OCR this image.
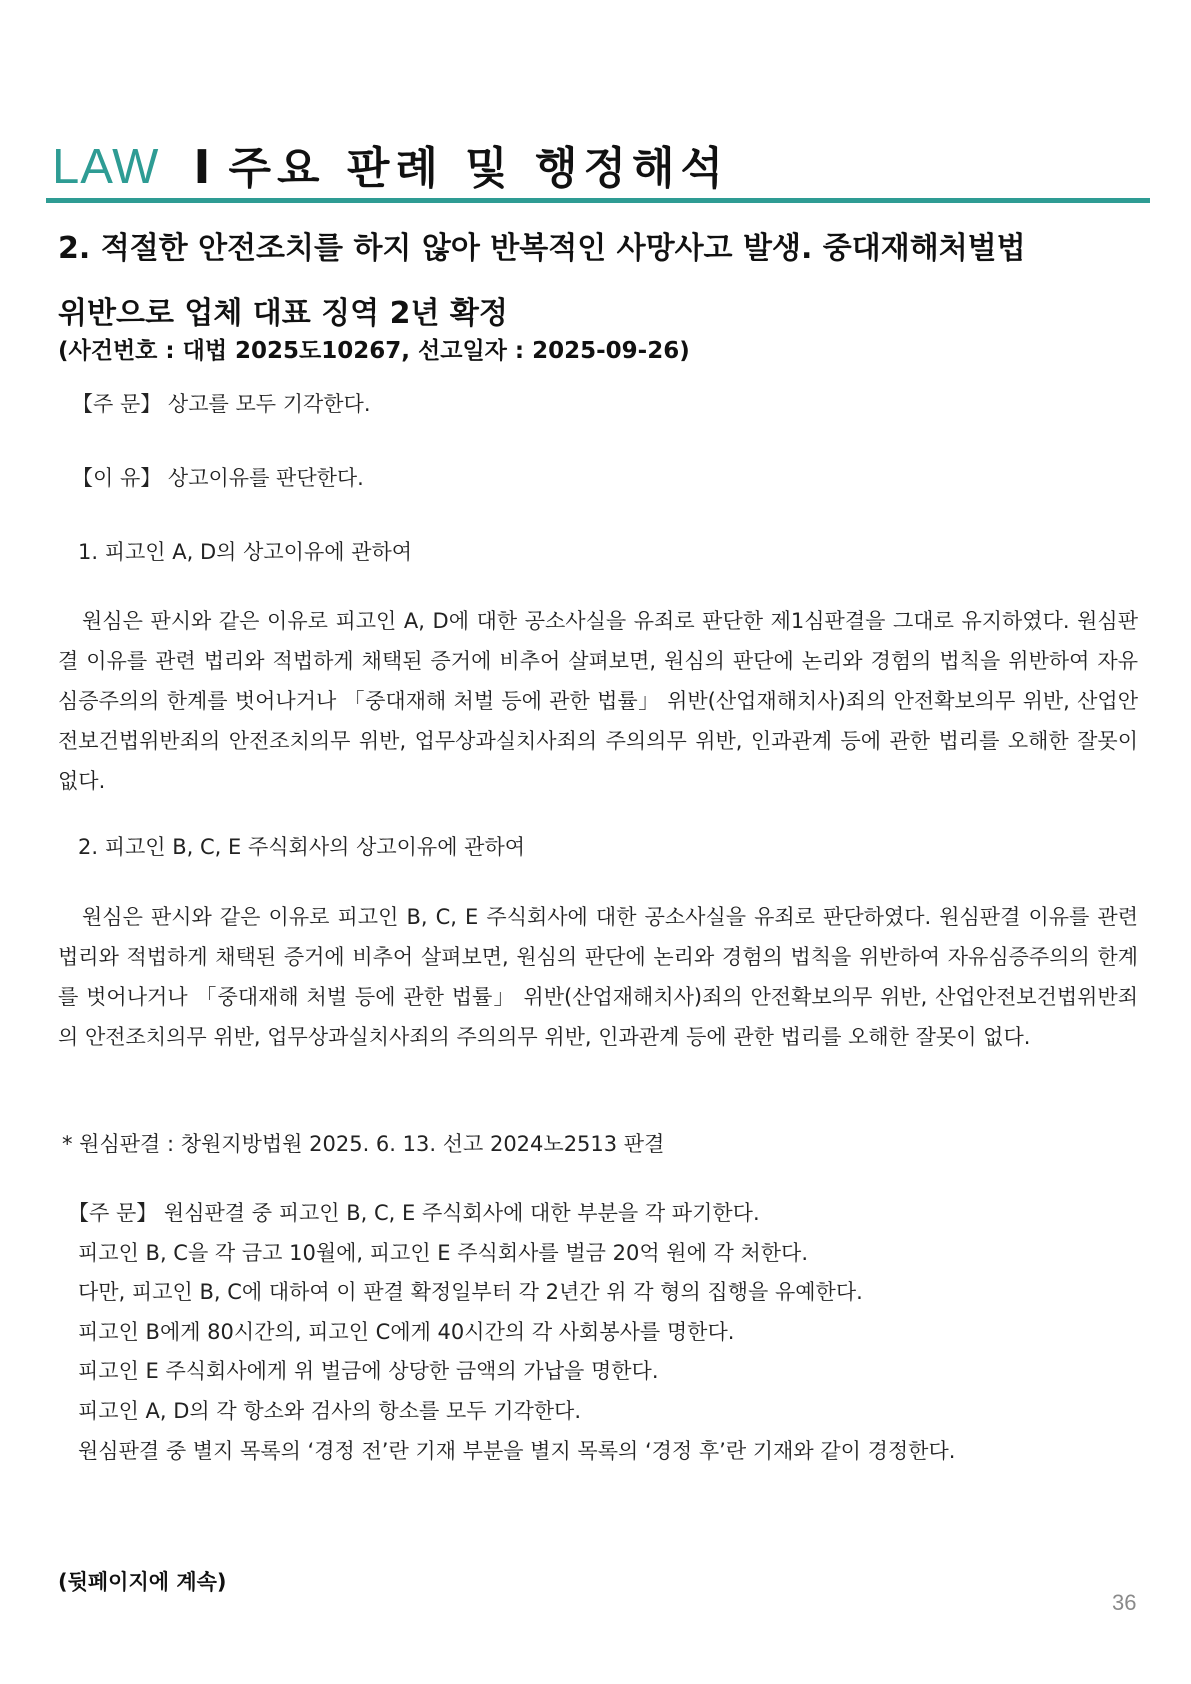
LAW I 주요 판례 및 행정해석
2. 적절한 안전조치를 하지 않아 반복적인 사망사고 발생. 중대재해처벌법
위반으로 업체 대표 징역 2년 확정
(사건번호 : 대법 2025도10267, 선고일자 : 2025-09-26)
【주 문】 상고를 모두 기각한다.
【이 유】 상고이유를 판단한다.
1. 피고인 A, D의 상고이유에 관하여
원심은 판시와 같은 이유로 피고인 A, D에 대한 공소사실을 유죄로 판단한 제1심판결을 그대로 유지하였다. 원심판결 이유를 관련 법리와 적법하게 채택된 증거에 비추어 살펴보면, 원심의 판단에 논리와 경험의 법칙을 위반하여 자유심증주의의 한계를 벗어나거나 「중대재해 처벌 등에 관한 법률」 위반(산업재해치사)죄의 안전확보의무 위반, 산업안전보건법위반죄의 안전조치의무 위반, 업무상과실치사죄의 주의의무 위반, 인과관계 등에 관한 법리를 오해한 잘못이 없다.
2. 피고인 B, C, E 주식회사의 상고이유에 관하여
원심은 판시와 같은 이유로 피고인 B, C, E 주식회사에 대한 공소사실을 유죄로 판단하였다. 원심판결 이유를 관련 법리와 적법하게 채택된 증거에 비추어 살펴보면, 원심의 판단에 논리와 경험의 법칙을 위반하여 자유심증주의의 한계를 벗어나거나 「중대재해 처벌 등에 관한 법률」 위반(산업재해치사)죄의 안전확보의무 위반, 산업안전보건법위반죄의 안전조치의무 위반, 업무상과실치사죄의 주의의무 위반, 인과관계 등에 관한 법리를 오해한 잘못이 없다.
* 원심판결 : 창원지방법원 2025. 6. 13. 선고 2024노2513 판결
【주 문】 원심판결 중 피고인 B, C, E 주식회사에 대한 부분을 각 파기한다.
피고인 B, C을 각 금고 10월에, 피고인 E 주식회사를 벌금 20억 원에 각 처한다.
다만, 피고인 B, C에 대하여 이 판결 확정일부터 각 2년간 위 각 형의 집행을 유예한다.
피고인 B에게 80시간의, 피고인 C에게 40시간의 각 사회봉사를 명한다.
피고인 E 주식회사에게 위 벌금에 상당한 금액의 가납을 명한다.
피고인 A, D의 각 항소와 검사의 항소를 모두 기각한다.
원심판결 중 별지 목록의 ‘경정 전’란 기재 부분을 별지 목록의 ‘경정 후’란 기재와 같이 경정한다.
(뒷페이지에 계속)
36
